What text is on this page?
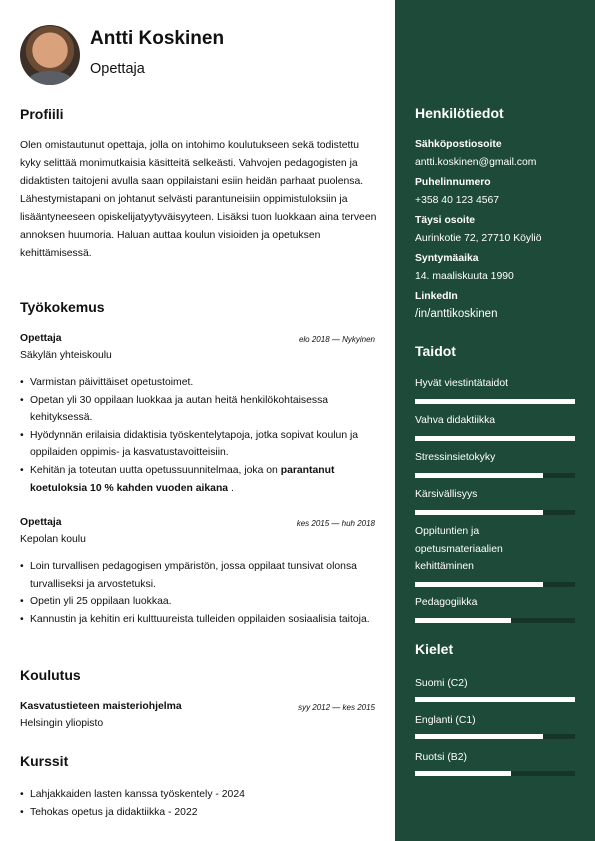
Antti Koskinen
Opettaja
Profiili
Olen omistautunut opettaja, jolla on intohimo koulutukseen sekä todistettu kyky selittää monimutkaisia käsitteitä selkeästi. Vahvojen pedagogisten ja didaktisten taitojeni avulla saan oppilaistani esiin heidän parhaat puolensa. Lähestymistapani on johtanut selvästi parantuneisiin oppimistuloksiin ja lisääntyneeseen opiskelijatyytyväisyyteen. Lisäksi tuon luokkaan aina terveen annoksen huumoria. Haluan auttaa koulun visioiden ja opetuksen kehittämisessä.
Työkokemus
Opettaja	elo 2018 — Nykyinen
Säkylän yhteiskoulu
• Varmistan päivittäiset opetustoimet.
• Opetan yli 30 oppilaan luokkaa ja autan heitä henkilökohtaisessa kehityksessä.
• Hyödynnän erilaisia didaktisia työskentelytapoja, jotka sopivat koulun ja oppilaiden oppimis- ja kasvatustavoitteisiin.
• Kehitän ja toteutan uutta opetussuunnitelmaa, joka on parantanut koetuloksia 10 % kahden vuoden aikana .
Opettaja	kes 2015 — huh 2018
Kepolan koulu
• Loin turvallisen pedagogisen ympäristön, jossa oppilaat tunsivat olonsa turvalliseksi ja arvostetuksi.
• Opetin yli 25 oppilaan luokkaa.
• Kannustin ja kehitin eri kulttuureista tulleiden oppilaiden sosiaalisia taitoja.
Koulutus
Kasvatustieteen maisteriohjelma	syy 2012 — kes 2015
Helsingin yliopisto
Kurssit
• Lahjakkaiden lasten kanssa työskentely - 2024
• Tehokas opetus ja didaktiikka - 2022
Henkilötiedot
Sähköpostiosoite
antti.koskinen@gmail.com
Puhelinnumero
+358 40 123 4567
Täysi osoite
Aurinkotie 72, 27710 Köyliö
Syntymäaika
14. maaliskuuta 1990
LinkedIn
/in/anttikoskinen
Taidot
Hyvät viestintätaidot
Vahva didaktiikka
Stressinsietokyky
Kärsivällisyys
Oppituntien ja opetusmateriaalien kehittäminen
Pedagogiikka
Kielet
Suomi (C2)
Englanti (C1)
Ruotsi (B2)
